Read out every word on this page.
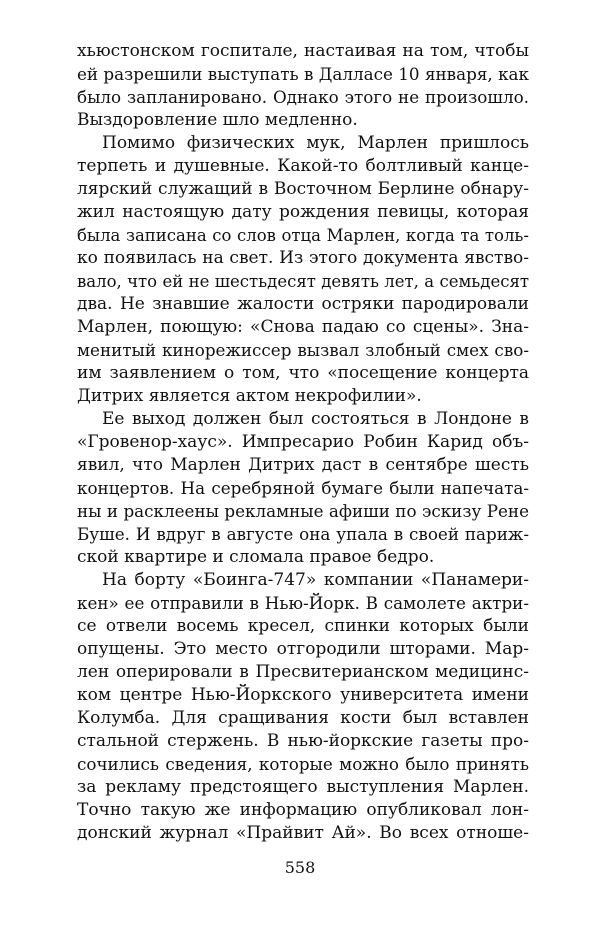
хьюстонском госпитале, настаивая на том, чтобы
ей разрешили выступать в Далласе 10 января, как
было запланировано. Однако этого не произошло.
Выздоровление шло медленно.
Помимо физических мук, Марлен пришлось
терпеть и душевные. Какой-то болтливый канце-
лярский служащий в Восточном Берлине обнару-
жил настоящую дату рождения певицы, которая
была записана со слов отца Марлен, когда та толь-
ко появилась на свет. Из этого документа явство-
вало, что ей не шестьдесят девять лет, а семьдесят
два. Не знавшие жалости остряки пародировали
Марлен, поющую: «Снова падаю со сцены». Зна-
менитый кинорежиссер вызвал злобный смех сво-
им заявлением о том, что «посещение концерта
Дитрих является актом некрофилии».
Ее выход должен был состояться в Лондоне в
«Гровенор-хаус». Импресарио Робин Карид объ-
явил, что Марлен Дитрих даст в сентябре шесть
концертов. На серебряной бумаге были напечата-
ны и расклеены рекламные афиши по эскизу Рене
Буше. И вдруг в августе она упала в своей париж-
ской квартире и сломала правое бедро.
На борту «Боинга-747» компании «Панамери-
кен» ее отправили в Нью-Йорк. В самолете актри-
се отвели восемь кресел, спинки которых были
опущены. Это место отгородили шторами. Мар-
лен оперировали в Пресвитерианском медицинс-
ком центре Нью-Йоркского университета имени
Колумба. Для сращивания кости был вставлен
стальной стержень. В нью-йоркские газеты про-
сочились сведения, которые можно было принять
за рекламу предстоящего выступления Марлен.
Точно такую же информацию опубликовал лон-
донский журнал «Прайвит Ай». Во всех отноше-
558
